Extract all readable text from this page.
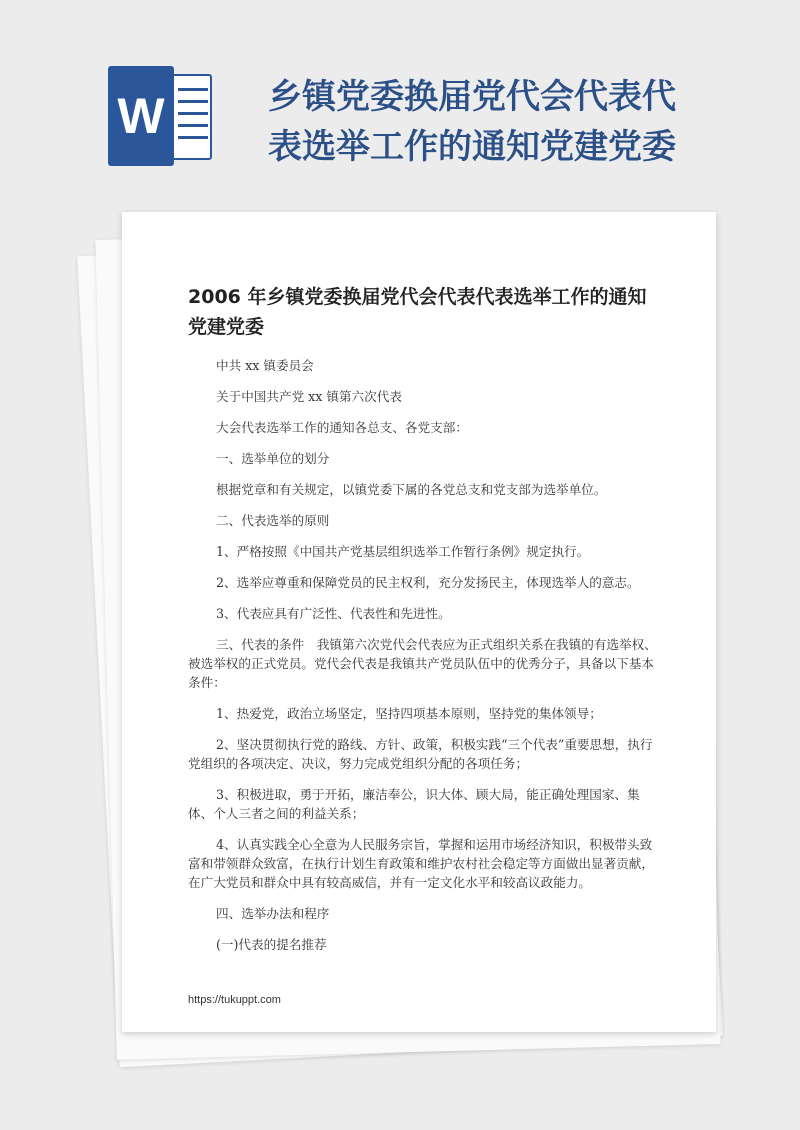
W	乡镇党委换届党代会代表代表选举工作的通知党建党委
2006 年乡镇党委换届党代会代表代表选举工作的通知 党建党委

中共 xx 镇委员会

关于中国共产党 xx 镇第六次代表

大会代表选举工作的通知各总支、各党支部：

一、选举单位的划分

根据党章和有关规定，以镇党委下属的各党总支和党支部为选举单位。

二、代表选举的原则

1、严格按照《中国共产党基层组织选举工作暂行条例》规定执行。

2、选举应尊重和保障党员的民主权利，充分发扬民主，体现选举人的意志。

3、代表应具有广泛性、代表性和先进性。

三、代表的条件　我镇第六次党代会代表应为正式组织关系在我镇的有选举权、被选举权的正式党员。党代会代表是我镇共产党员队伍中的优秀分子，具备以下基本条件：

1、热爱党，政治立场坚定，坚持四项基本原则，坚持党的集体领导；

2、坚决贯彻执行党的路线、方针、政策，积极实践“三个代表”重要思想，执行党组织的各项决定、决议，努力完成党组织分配的各项任务；

3、积极进取，勇于开拓，廉洁奉公，识大体、顾大局，能正确处理国家、集体、个人三者之间的利益关系；

4、认真实践全心全意为人民服务宗旨，掌握和运用市场经济知识，积极带头致富和带领群众致富，在执行计划生育政策和维护农村社会稳定等方面做出显著贡献，在广大党员和群众中具有较高威信，并有一定文化水平和较高议政能力。

四、选举办法和程序

(一)代表的提名推荐

https://tukuppt.com
